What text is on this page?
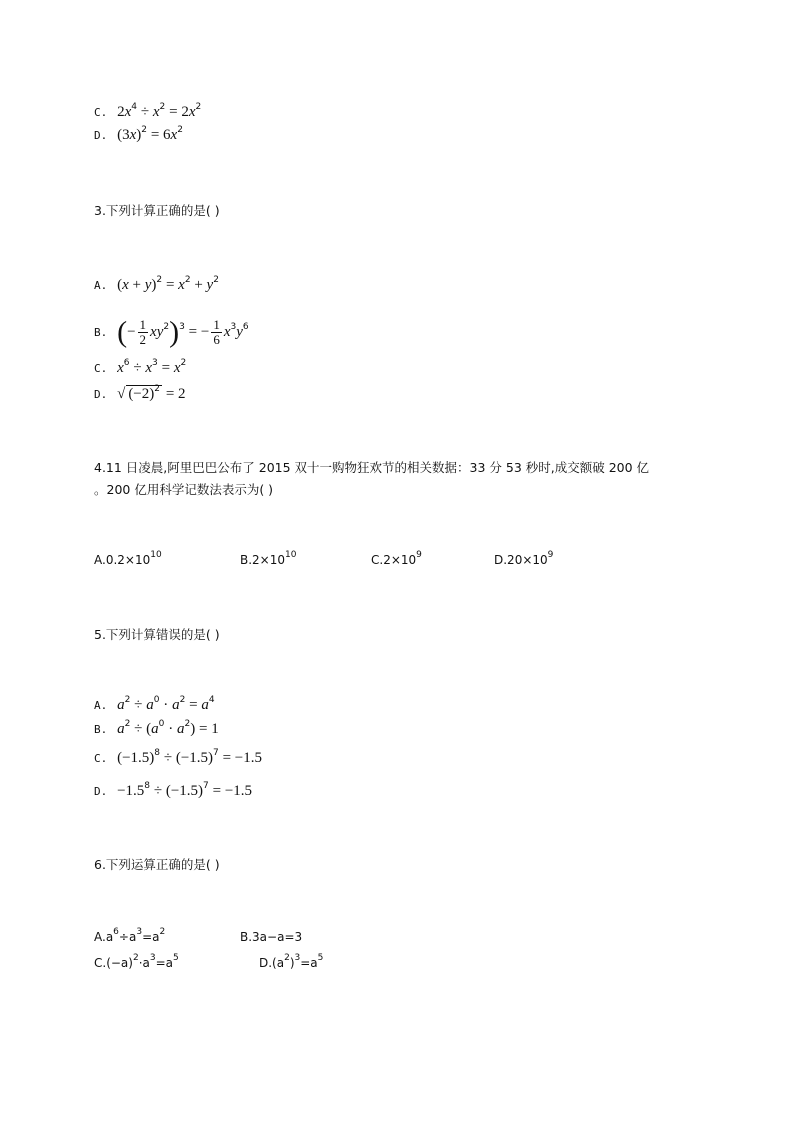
C. $2x^4 \div x^2 = 2x^2$
D. $(3x)^2 = 6x^2$
3.下列计算正确的是( )
A. $(x + y)^2 = x^2 + y^2$
B. (− $\frac{1}{2} xy^2)^3$ = − $\frac{1}{6} x^3y^6$
C. $x^6 \div x^3 = x^2$
D. √ $(-2)^2 = 2$
4.11 日凌晨,阿里巴巴公布了 2015 双十一购物狂欢节的相关数据：33 分 53 秒时,成交额破 200 亿
。200 亿用科学记数法表示为( )
$A.0.2\times 10^{10}$	$B.2\times 10^{10}$	$C.2\times 10^9$	$D.20\times 10^9$
5.下列计算错误的是( )
A. $a^2 \div a^0 \cdot a^2 = a^4$
B. $a^2 \div (a^0 \cdot a^2) = 1$
C. $(-1.5)^8 \div (-1.5)^7 = -1.5$
D. $-1.5^8 \div (-1.5)^7 = -1.5$
6.下列运算正确的是( )
$A.a^6\div a^3=a^2$	B.3a−a=3
$C.(-a)^2\cdot a^3=a^5$	$D.(a^2)^3=a^5$
